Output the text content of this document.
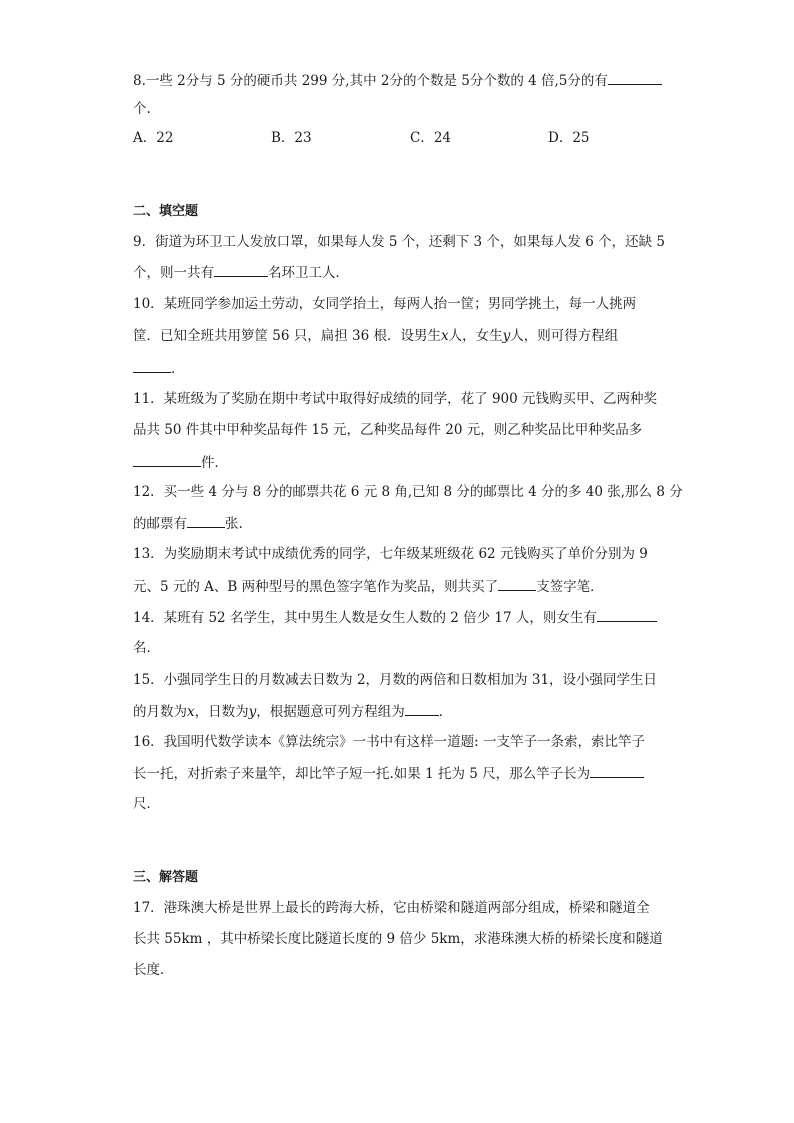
8.一些 2分与 5 分的硬币共 299 分,其中 2分的个数是 5分个数的 4 倍,5分的有
个.
A．22	B．23	C．24	D．25
二、填空题
9．街道为环卫工人发放口罩，如果每人发 5 个，还剩下 3 个，如果每人发 6 个，还缺 5
个，则一共有	名环卫工人．
10．某班同学参加运土劳动，女同学抬土，每两人抬一筐；男同学挑土，每一人挑两
筐．已知全班共用箩筐 56 只，扁担 36 根．设男生x人，女生y人，则可得方程组
．
11．某班级为了奖励在期中考试中取得好成绩的同学，花了 900 元钱购买甲、乙两种奖
品共 50 件其中甲种奖品每件 15 元，乙种奖品每件 20 元，则乙种奖品比甲种奖品多
件．
12．买一些 4 分与 8 分的邮票共花 6 元 8 角,已知 8 分的邮票比 4 分的多 40 张,那么 8 分
的邮票有	张.
13．为奖励期末考试中成绩优秀的同学，七年级某班级花 62 元钱购买了单价分别为 9
元、5 元的 A、B 两种型号的黑色签字笔作为奖品，则共买了	支签字笔．
14．某班有 52 名学生，其中男生人数是女生人数的 2 倍少 17 人，则女生有
名．
15．小强同学生日的月数减去日数为 2，月数的两倍和日数相加为 31，设小强同学生日
的月数为x，日数为y，根据题意可列方程组为	．
16．我国明代数学读本《算法统宗》一书中有这样一道题: 一支竿子一条索，索比竿子
长一托，对折索子来量竿，却比竿子短一托.如果 1 托为 5 尺，那么竿子长为
尺．
三、解答题
17．港珠澳大桥是世界上最长的跨海大桥，它由桥梁和隧道两部分组成，桥梁和隧道全
长共 55km ，其中桥梁长度比隧道长度的 9 倍少 5km，求港珠澳大桥的桥梁长度和隧道
长度．
